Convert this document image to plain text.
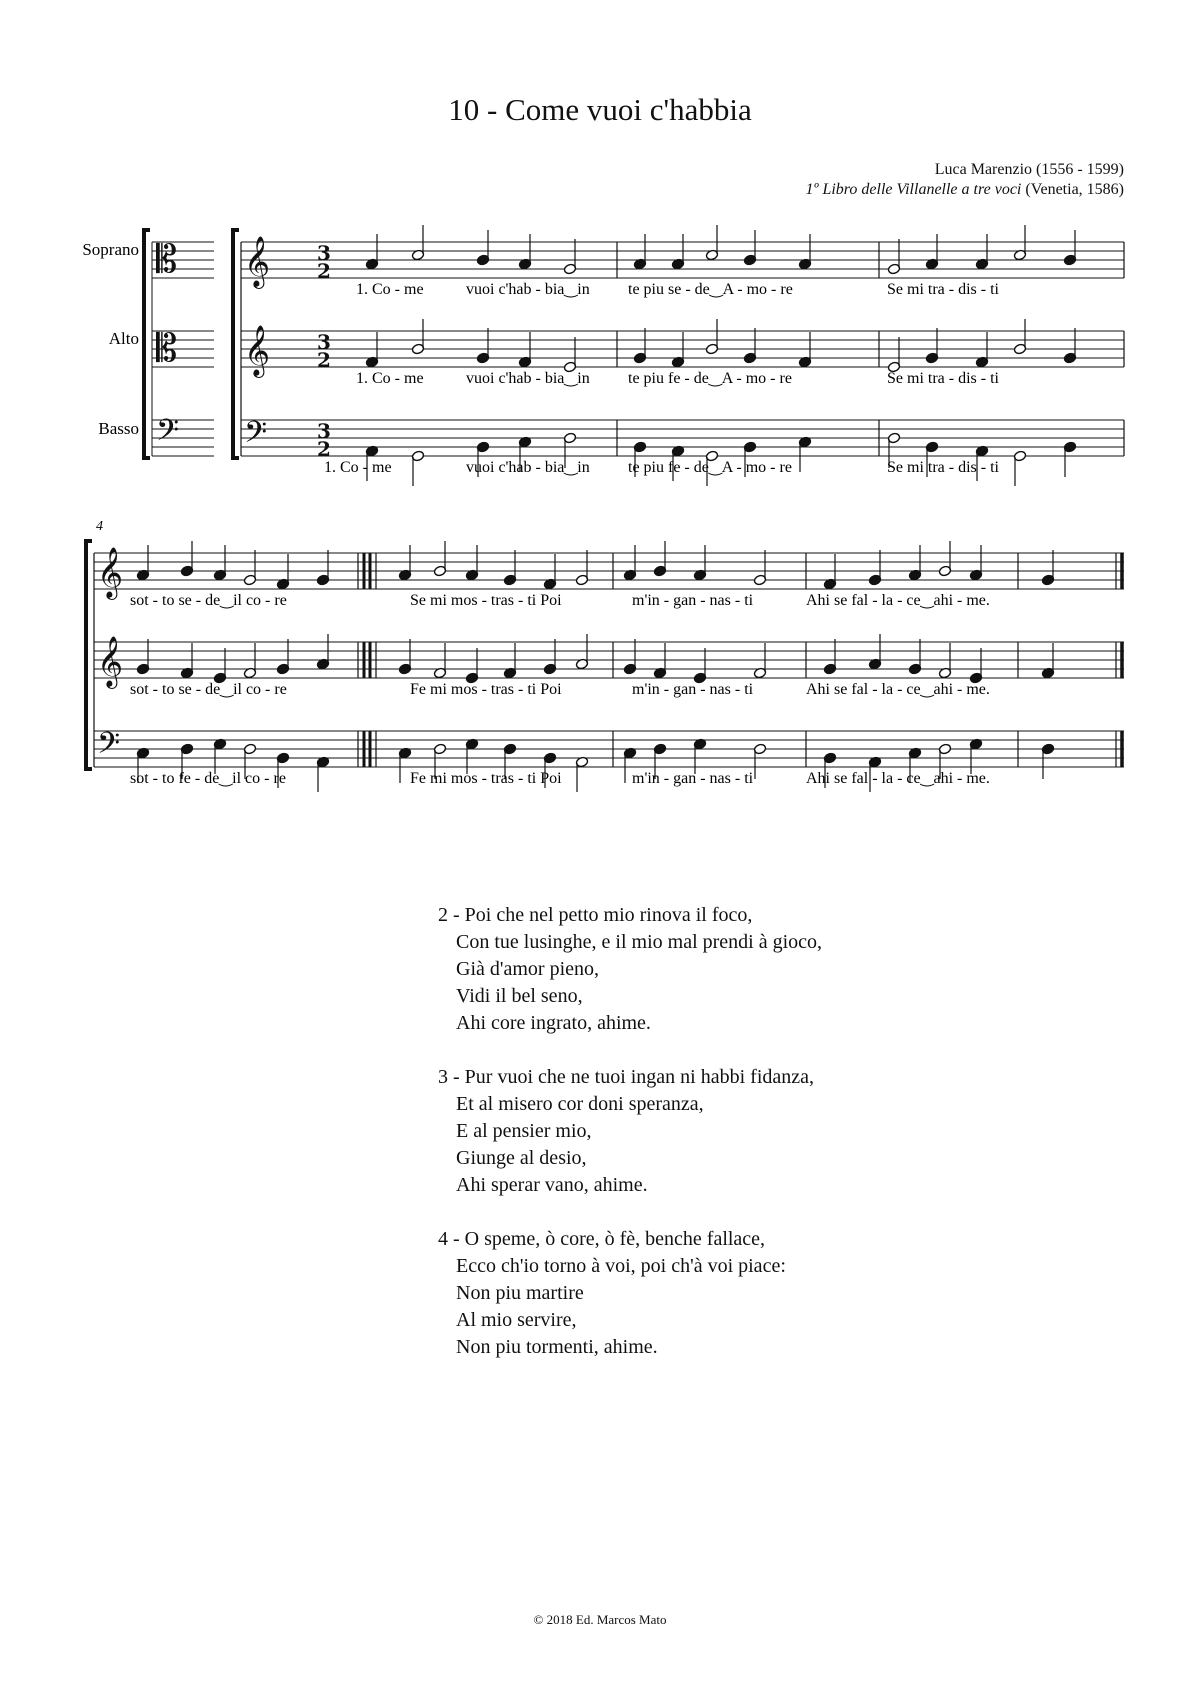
10 - Come vuoi c'habbia
Luca Marenzio (1556 - 1599)
1º Libro delle Villanelle a tre voci (Venetia, 1586)
𝄞
𝄞
𝄢
𝄡
𝄡
𝄢
3
2
3
2
3
2
𝄞
𝄞
𝄢
Soprano
Alto
Basso
4
1. Co - me	vuoi c'hab - bia‿in te piu se - de‿A - mo - re	Se mi tra - dis - ti
1. Co - me	vuoi c'hab - bia‿in te piu fe - de‿A - mo - re	Se mi tra - dis - ti
1. Co - me	vuoi c'hab - bia‿in te piu fe - de‿A - mo - re	Se mi tra - dis - ti
sot - to se - de‿il co - re	Se mi mos - tras - ti Poi	m'in - gan - nas - ti	Ahi se fal - la - ce‿ahi - me.
sot - to se - de‿il co - re	Fe mi mos - tras - ti Poi	m'in - gan - nas - ti	Ahi se fal - la - ce‿ahi - me.
sot - to fe - de‿il co - re	Fe mi mos - tras - ti Poi	m'in - gan - nas - ti	Ahi se fal - la - ce‿ahi - me.
2 - Poi che nel petto mio rinova il foco,
Con tue lusinghe, e il mio mal prendi à gioco,
Già d'amor pieno,
Vidi il bel seno,
Ahi core ingrato, ahime.
3 - Pur vuoi che ne tuoi ingan ni habbi fidanza,
Et al misero cor doni speranza,
E al pensier mio,
Giunge al desio,
Ahi sperar vano, ahime.
4 - O speme, ò core, ò fè, benche fallace,
Ecco ch'io torno à voi, poi ch'à voi piace:
Non piu martire
Al mio servire,
Non piu tormenti, ahime.
© 2018 Ed. Marcos Mato
